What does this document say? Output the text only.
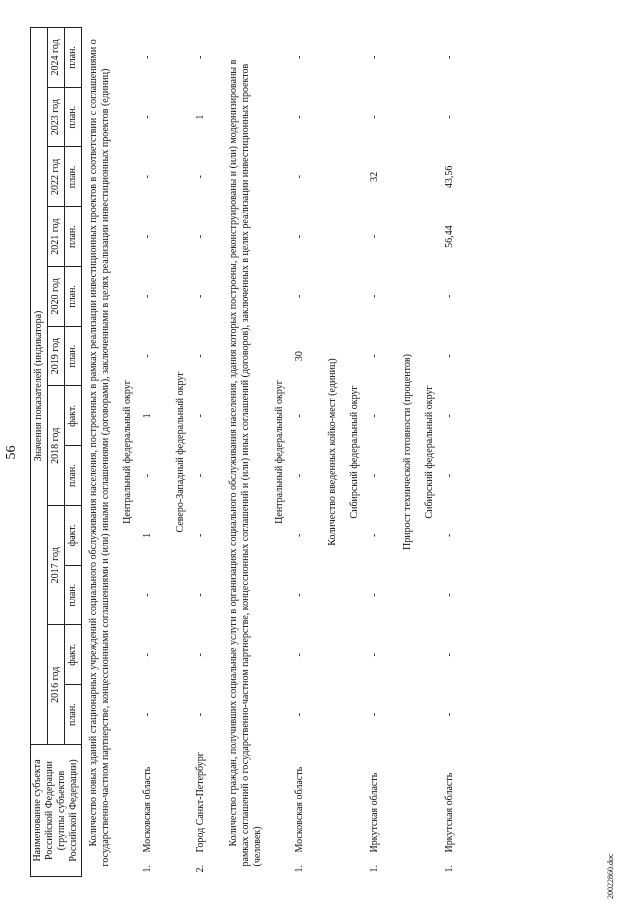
56
Наименование субъекта Российской Федерации (группы субъектов Российской Федерации)		Значения показателей (индикатора)											
		2016 год		2017 год		2018 год		2019 год	2020 год	2021 год	2022 год	2023 год	2024 год
		план.	факт.	план.	факт.	план.	факт.	план.	план.	план.	план.	план.	план.
Количество новых зданий стационарных учреждений социального обслуживания населения, построенных в рамках реализации инвестиционных проектов в соответствии с соглашениями о государственно-частном партнерстве, концессионными соглашениями и (или) иными соглашениями (договорами), заключенными в целях реализации инвестиционных проектов (единиц)													
Центральный федеральный округ													
1.	Московская область	-	-	-	1	-	1	-	-	-	-	-	-
Северо-Западный федеральный округ													
2.	Город Санкт-Петербург	-	-	-	-	-	-	-	-	-	-	1	-
Количество граждан, получивших социальные услуги в организациях социального обслуживания населения, здания которых построены, реконструированы и (или) модернизированы в рамках соглашений о государственно-частном партнерстве, концессионных соглашений и (или) иных соглашений (договоров), заключенных в целях реализации инвестиционных проектов (человек)													
Центральный федеральный округ													
1.	Московская область	-	-	-	-	-	-	30	-	-	-	-	-
Количество введенных койко-мест (единиц)													
Сибирский федеральный округ													
1.	Иркутская область	-	-	-	-	-	-	-	-	-	32	-	-
Прирост технической готовности (процентов)													
Сибирский федеральный округ													
1.	Иркутская область	-	-	-	-	-	-	-	-	56,44	43,56	-	-
20022860.doc
